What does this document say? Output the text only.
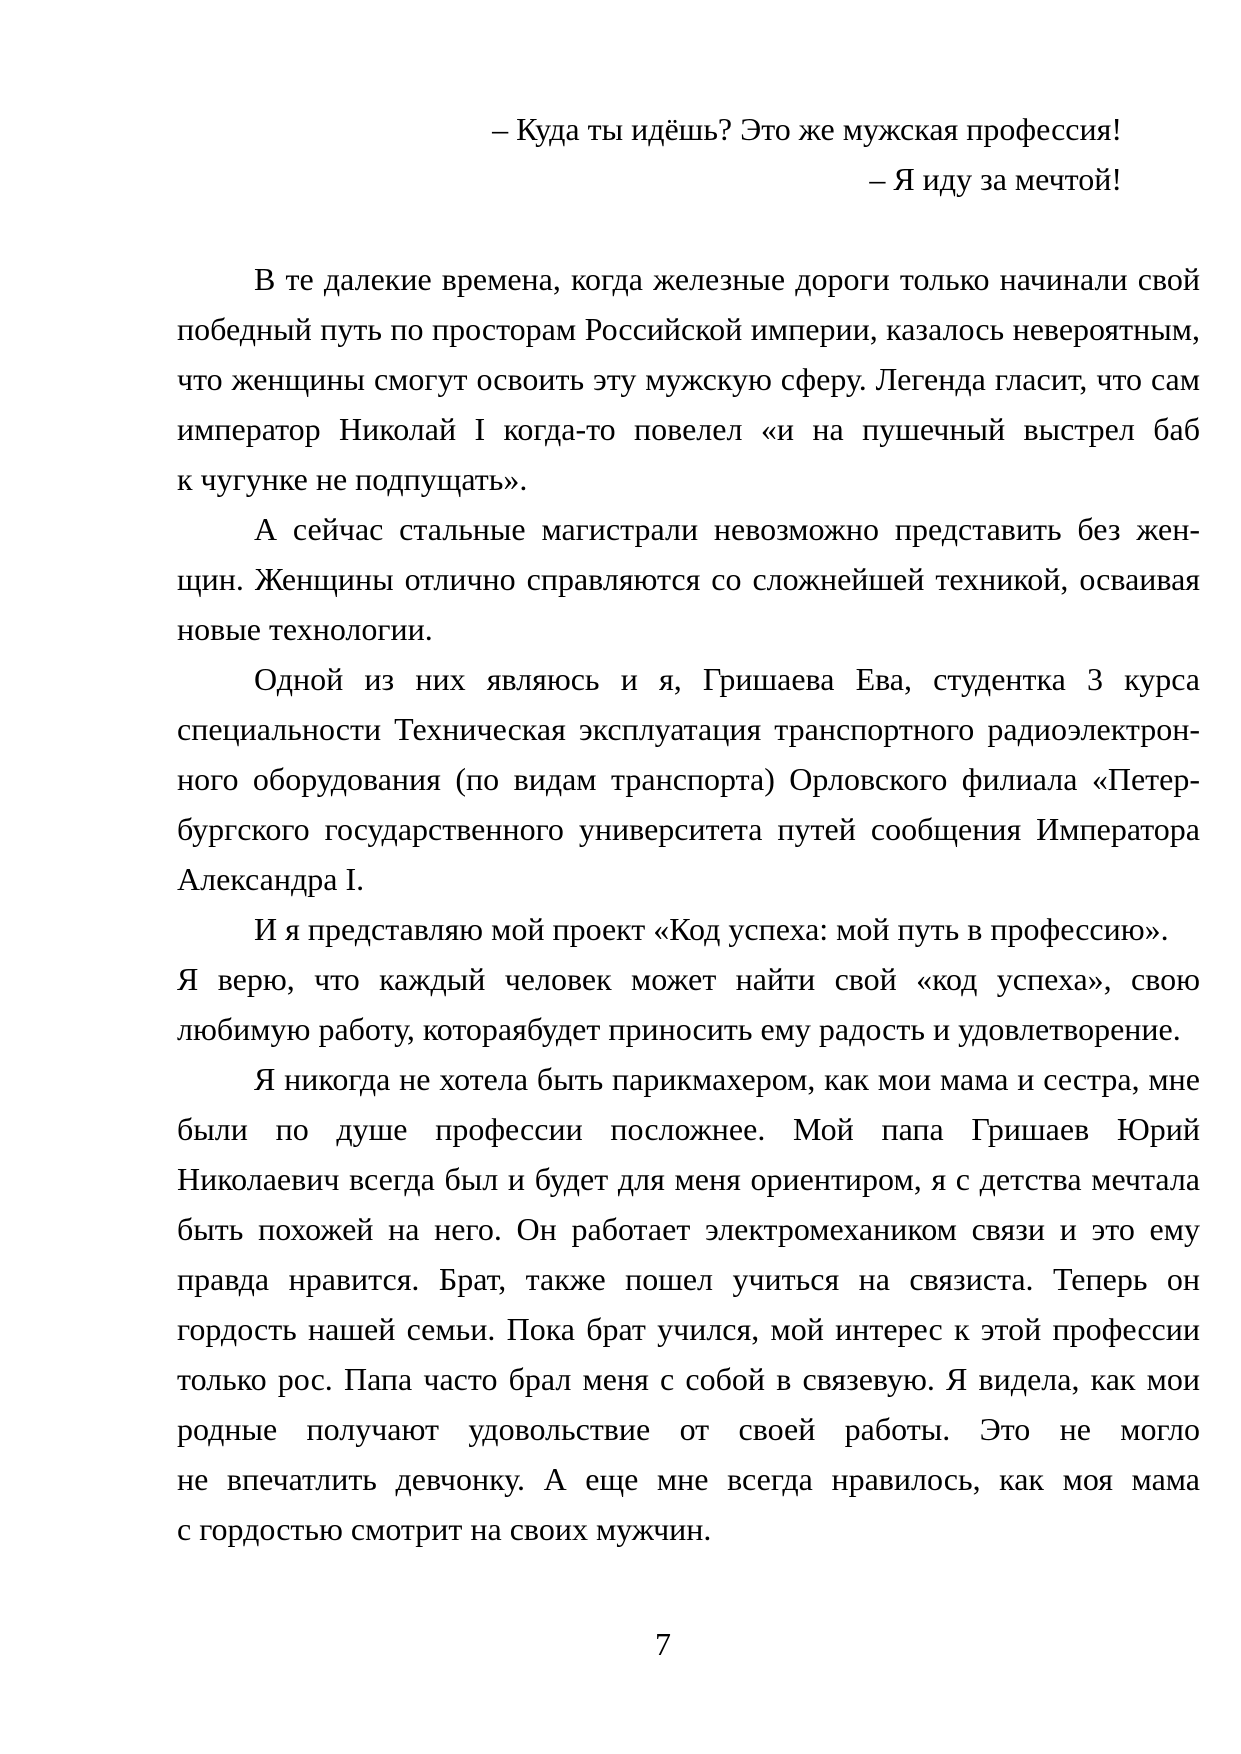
– Куда ты идёшь? Это же мужская профессия!
– Я иду за мечтой!
В те далекие времена, когда железные дороги только начинали свой
победный путь по просторам Российской империи, казалось невероятным,
что женщины смогут освоить эту мужскую сферу. Легенда гласит, что сам
император Николай I когда-то повелел «и на пушечный выстрел баб
к чугунке не подпущать».
А сейчас стальные магистрали невозможно представить без жен-
щин. Женщины отлично справляются со сложнейшей техникой, осваивая
новые технологии.
Одной из них являюсь и я, Гришаева Ева, студентка 3 курса
специальности Техническая эксплуатация транспортного радиоэлектрон-
ного оборудования (по видам транспорта) Орловского филиала «Петер-
бургского государственного университета путей сообщения Императора
Александра I.
И я представляю мой проект «Код успеха: мой путь в профессию».
Я верю, что каждый человек может найти свой «код успеха», свою
любимую работу, котораябудет приносить ему радость и удовлетворение.
Я никогда не хотела быть парикмахером, как мои мама и сестра, мне
были по душе профессии посложнее. Мой папа Гришаев Юрий
Николаевич всегда был и будет для меня ориентиром, я с детства мечтала
быть похожей на него. Он работает электромехаником связи и это ему
правда нравится. Брат, также пошел учиться на связиста. Теперь он
гордость нашей семьи. Пока брат учился, мой интерес к этой профессии
только рос. Папа часто брал меня с собой в связевую. Я видела, как мои
родные получают удовольствие от своей работы. Это не могло
не впечатлить девчонку. А еще мне всегда нравилось, как моя мама
с гордостью смотрит на своих мужчин.
7
